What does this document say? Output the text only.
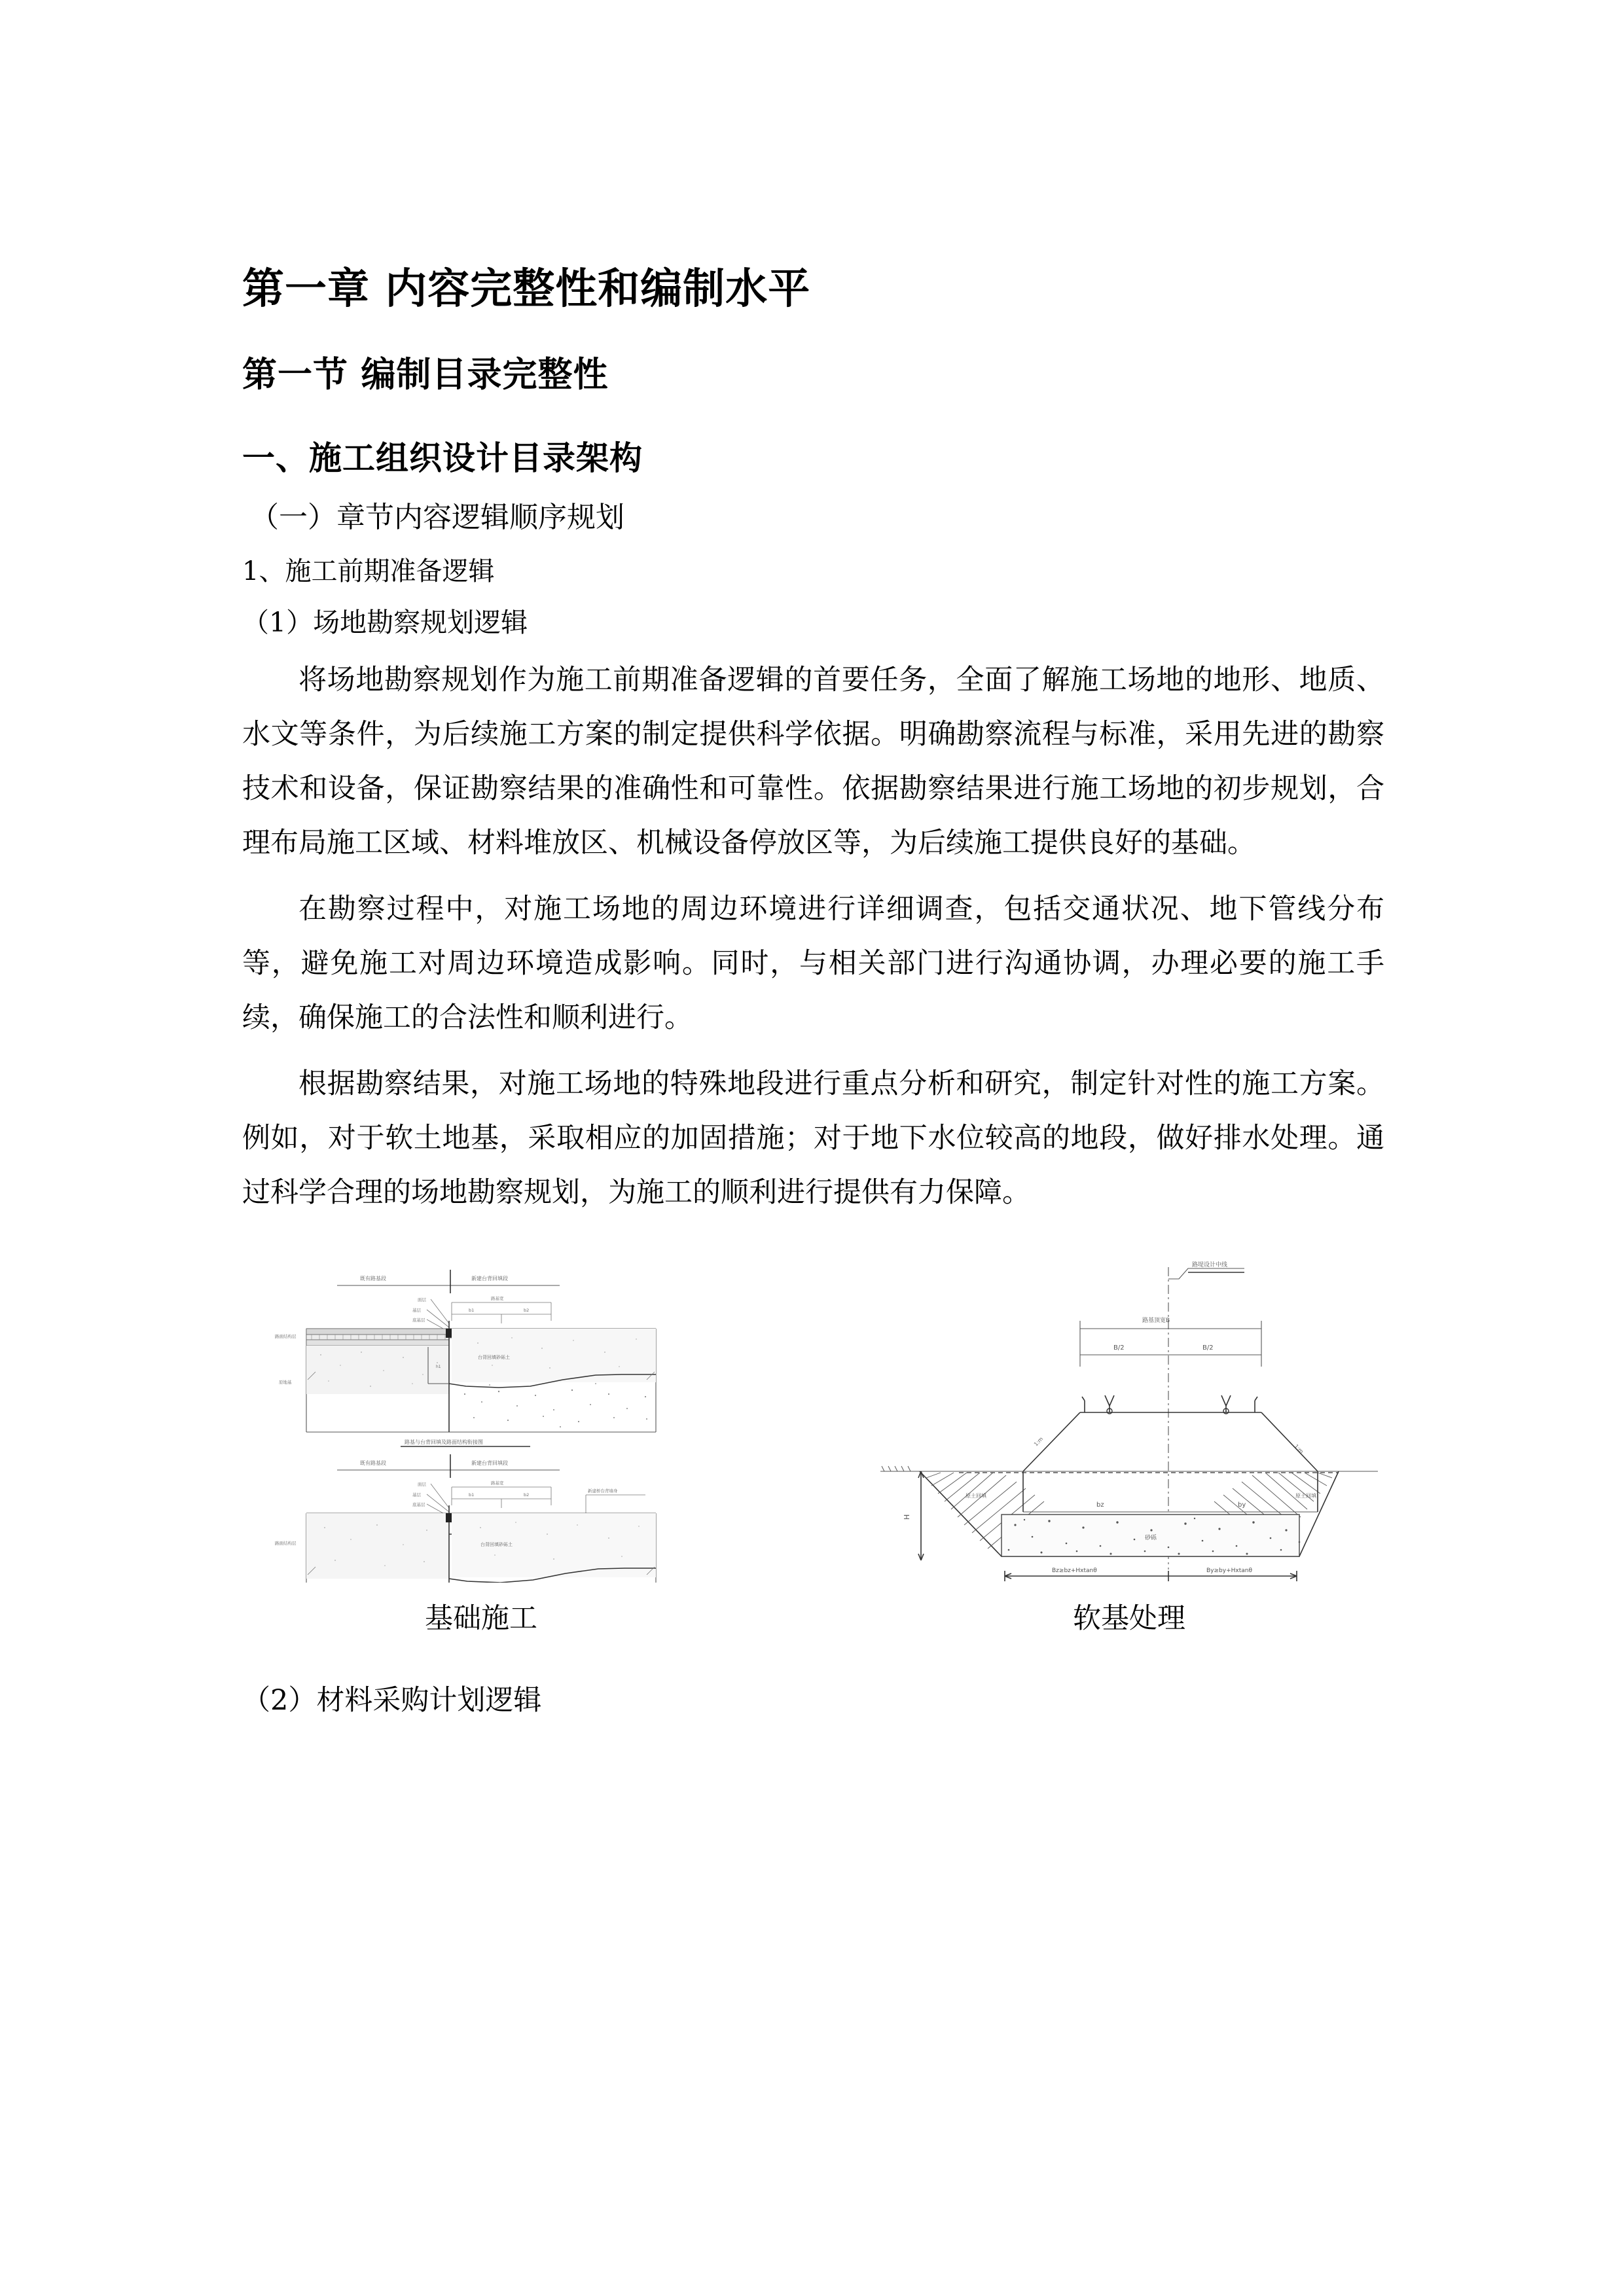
第一章 内容完整性和编制水平
第一节 编制目录完整性
一、施工组织设计目录架构
（一）章节内容逻辑顺序规划
1、施工前期准备逻辑
（1）场地勘察规划逻辑

将场地勘察规划作为施工前期准备逻辑的首要任务，全面了解施工场地的地形、地质、水文等条件，为后续施工方案的制定提供科学依据。明确勘察流程与标准，采用先进的勘察技术和设备，保证勘察结果的准确性和可靠性。依据勘察结果进行施工场地的初步规划，合理布局施工区域、材料堆放区、机械设备停放区等，为后续施工提供良好的基础。

在勘察过程中，对施工场地的周边环境进行详细调查，包括交通状况、地下管线分布等，避免施工对周边环境造成影响。同时，与相关部门进行沟通协调，办理必要的施工手续，确保施工的合法性和顺利进行。

根据勘察结果，对施工场地的特殊地段进行重点分析和研究，制定针对性的施工方案。例如，对于软土地基，采取相应的加固措施；对于地下水位较高的地段，做好排水处理。通过科学合理的场地勘察规划，为施工的顺利进行提供有力保障。

既有路基段	新建台背回填段
路基宽
b1	b2
面层
基层
底基层
路面结构层
h1
台背回填砂砾土
原地基
路基与台背回填及路面结构衔接图
既有路基段	新建台背回填段
路基宽
b1	b2
面层
基层
底基层
新建桥台背墙身
路面结构层	台背回填砂砾土
基础施工
路堤设计中线
路基顶宽B
B/2	B/2
1:m
1:m
原土回填	原土回填
bz	by
砂砾
H
Bz≥bz+Hxtanθ	By≥by+Hxtanθ
软基处理

（2）材料采购计划逻辑
